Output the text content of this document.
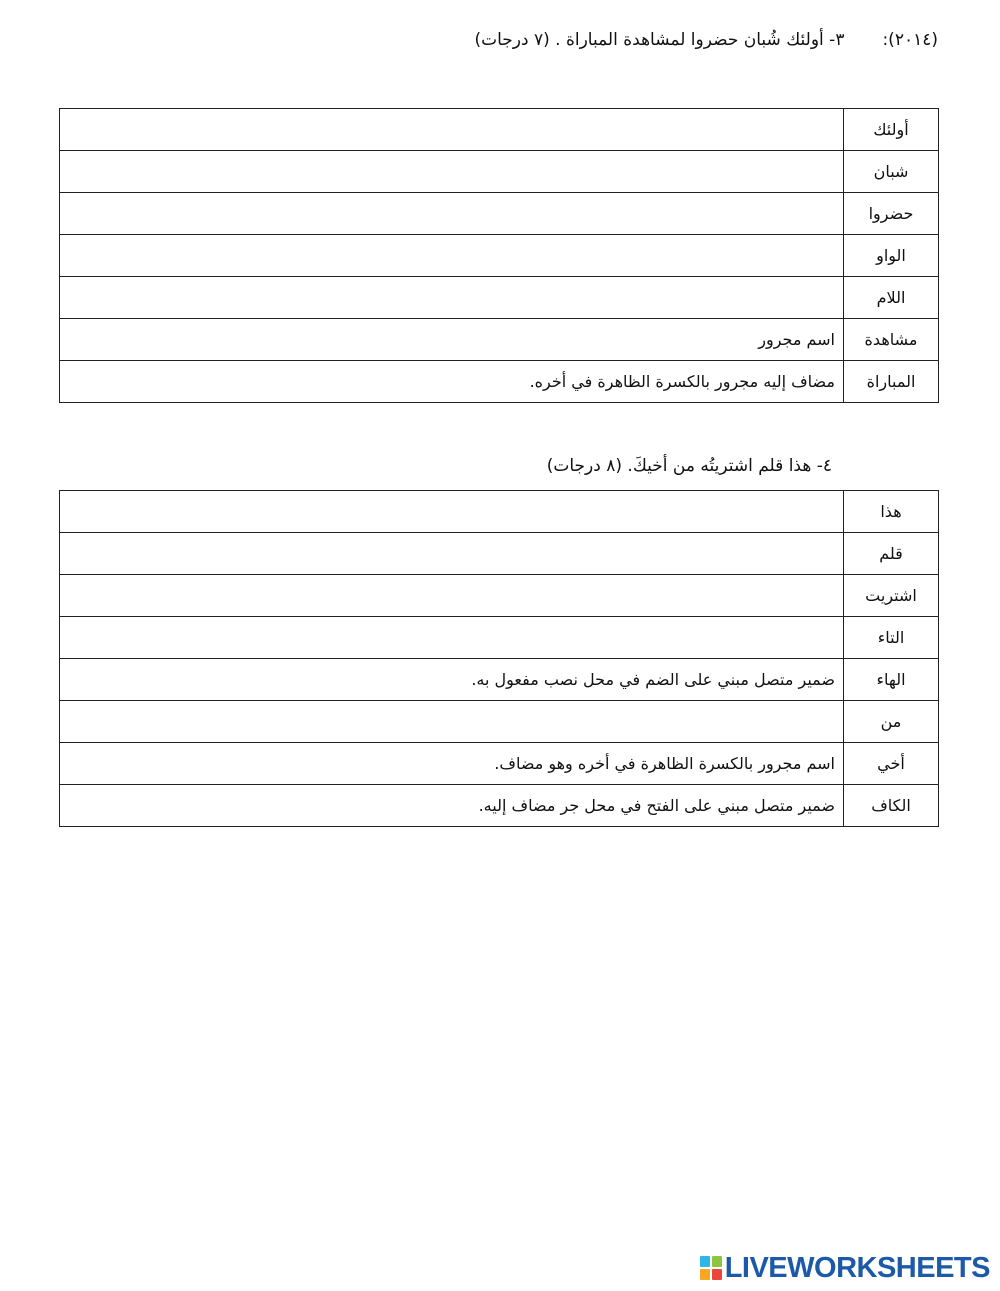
(٢٠١٤):٣- أولئك شُبان حضروا لمشاهدة المباراة . (٧ درجات)
أولئك	
شبان	
حضروا	
الواو	
اللام	
مشاهدة	اسم مجرور
المباراة	مضاف إليه مجرور بالكسرة الظاهرة في أخره.
٤- هذا قلم اشتريتُه من أخيكَ. (٨ درجات)
هذا	
قلم	
اشتريت	
التاء	
الهاء	ضمير متصل مبني على الضم في محل نصب مفعول به.
من	
أخي	اسم مجرور بالكسرة الظاهرة في أخره وهو مضاف.
الكاف	ضمير متصل مبني على الفتح في محل جر مضاف إليه.
LIVEWORKSHEETS
